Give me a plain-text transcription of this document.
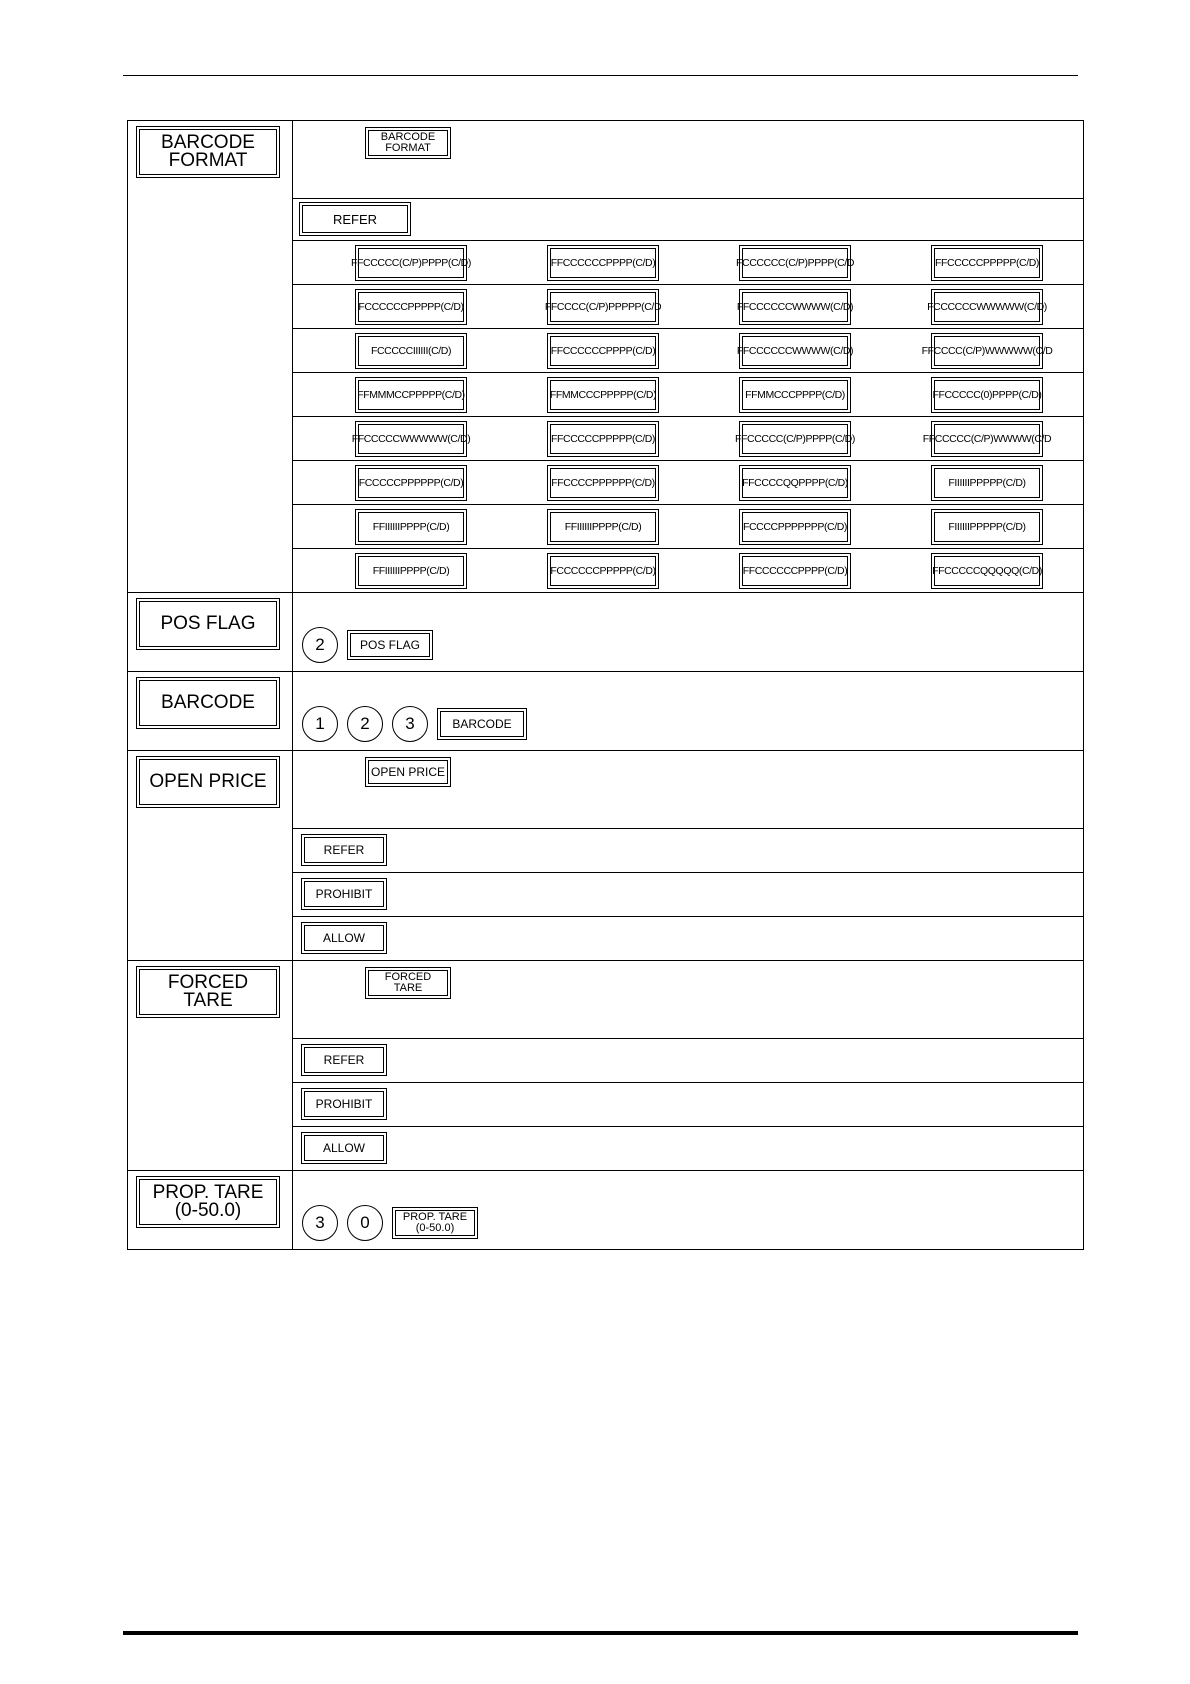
BARCODE
FORMAT	BARCODE
FORMAT

REFER

FFCCCCC(C/P)PPPP(C/D) FFCCCCCCPPPP(C/D) FCCCCCC(C/P)PPPP(C/D FFCCCCCPPPPP(C/D)

FCCCCCCPPPPP(C/D) FFCCCC(C/P)PPPPP(C/D FFCCCCCCWWWW(C/D) FCCCCCCWWWWW(C/D)

FCCCCCIIIIII(C/D) FFCCCCCCPPPP(C/D) FFCCCCCCWWWW(C/D) FFCCCC(C/P)WWWWW(C/D

FFMMMCCPPPPP(C/D) FFMMCCCPPPPP(C/D) FFMMCCCPPPP(C/D) FFCCCCC(0)PPPP(C/D)

FFCCCCCWWWWW(C/D) FFCCCCCPPPPP(C/D) FFCCCCC(C/P)PPPP(C/D) FFCCCCC(C/P)WWWW(C/D

FCCCCCPPPPPP(C/D) FFCCCCPPPPPP(C/D) FFCCCCQQPPPP(C/D) FIIIIIIPPPPP(C/D)

FFIIIIIIPPPP(C/D) FFIIIIIIPPPP(C/D) FCCCCPPPPPPP(C/D) FIIIIIIPPPPP(C/D)

FFIIIIIIPPPP(C/D) FCCCCCCPPPPP(C/D) FFCCCCCCPPPP(C/D) FFCCCCCQQQQQ(C/D)

POS FLAG	2 POS FLAG

BARCODE	1 2 3 BARCODE

OPEN PRICE	OPEN PRICE

REFER

PROHIBIT

ALLOW

FORCED
TARE	FORCED
TARE

REFER

PROHIBIT

ALLOW

PROP. TARE
(0-50.0)	3 0 PROP. TARE
(0-50.0)
